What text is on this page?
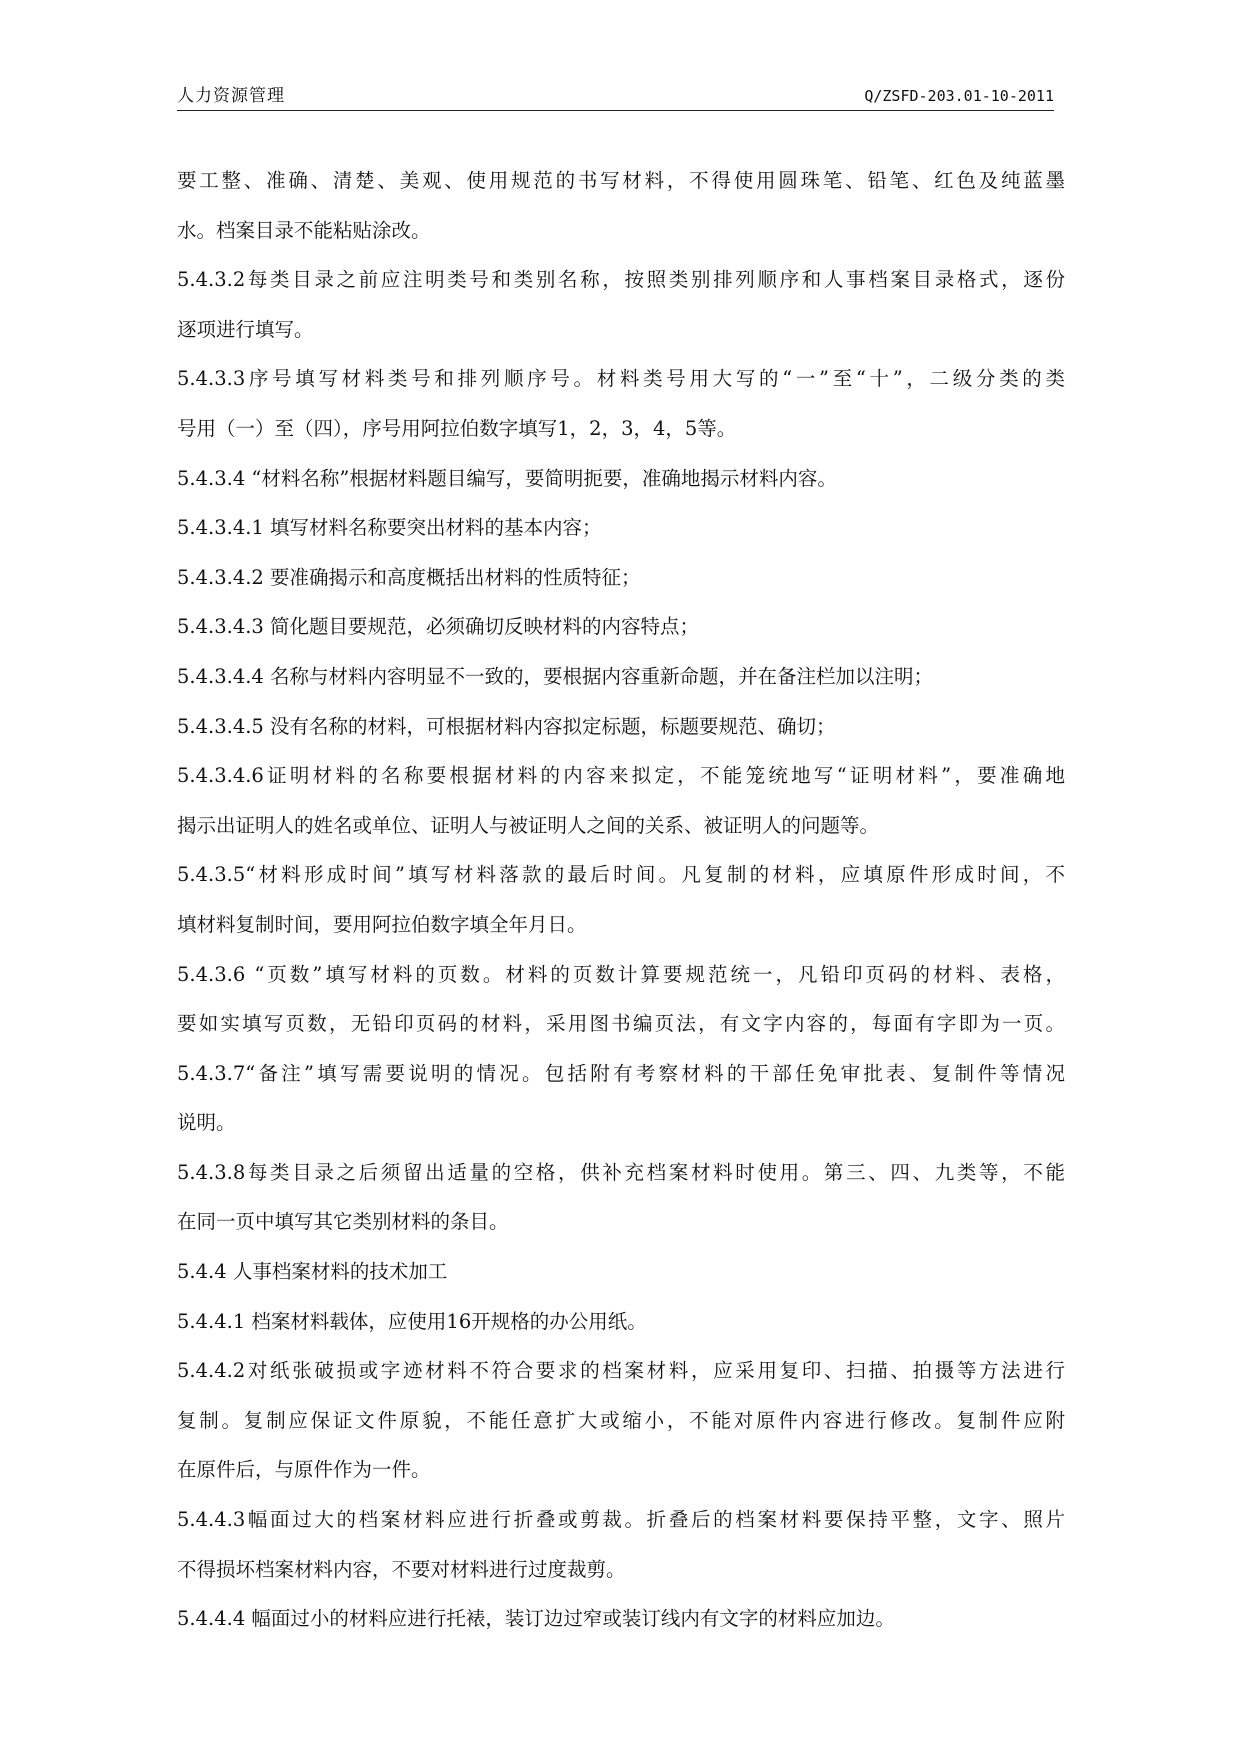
人力资源管理	Q/ZSFD-203.01-10-2011
要工整、准确、清楚、美观、使用规范的书写材料，不得使用圆珠笔、铅笔、红色及纯蓝墨
水。档案目录不能粘贴涂改。
5.4.3.2每类目录之前应注明类号和类别名称，按照类别排列顺序和人事档案目录格式，逐份
逐项进行填写。
5.4.3.3序号填写材料类号和排列顺序号。材料类号用大写的“一”至“十”，二级分类的类
号用（一）至（四），序号用阿拉伯数字填写1，2，3，4，5等。
5.4.3.4 “材料名称”根据材料题目编写，要简明扼要，准确地揭示材料内容。
5.4.3.4.1 填写材料名称要突出材料的基本内容；
5.4.3.4.2 要准确揭示和高度概括出材料的性质特征；
5.4.3.4.3 简化题目要规范，必须确切反映材料的内容特点；
5.4.3.4.4 名称与材料内容明显不一致的，要根据内容重新命题，并在备注栏加以注明；
5.4.3.4.5 没有名称的材料，可根据材料内容拟定标题，标题要规范、确切；
5.4.3.4.6证明材料的名称要根据材料的内容来拟定，不能笼统地写“证明材料”，要准确地
揭示出证明人的姓名或单位、证明人与被证明人之间的关系、被证明人的问题等。
5.4.3.5“材料形成时间”填写材料落款的最后时间。凡复制的材料，应填原件形成时间，不
填材料复制时间，要用阿拉伯数字填全年月日。
5.4.3.6 “页数”填写材料的页数。材料的页数计算要规范统一，凡铅印页码的材料、表格，
要如实填写页数，无铅印页码的材料，采用图书编页法，有文字内容的，每面有字即为一页。
5.4.3.7“备注”填写需要说明的情况。包括附有考察材料的干部任免审批表、复制件等情况
说明。
5.4.3.8每类目录之后须留出适量的空格，供补充档案材料时使用。第三、四、九类等，不能
在同一页中填写其它类别材料的条目。
5.4.4 人事档案材料的技术加工
5.4.4.1 档案材料载体，应使用16开规格的办公用纸。
5.4.4.2对纸张破损或字迹材料不符合要求的档案材料，应采用复印、扫描、拍摄等方法进行
复制。复制应保证文件原貌，不能任意扩大或缩小，不能对原件内容进行修改。复制件应附
在原件后，与原件作为一件。
5.4.4.3幅面过大的档案材料应进行折叠或剪裁。折叠后的档案材料要保持平整，文字、照片
不得损坏档案材料内容，不要对材料进行过度裁剪。
5.4.4.4 幅面过小的材料应进行托裱，装订边过窄或装订线内有文字的材料应加边。
